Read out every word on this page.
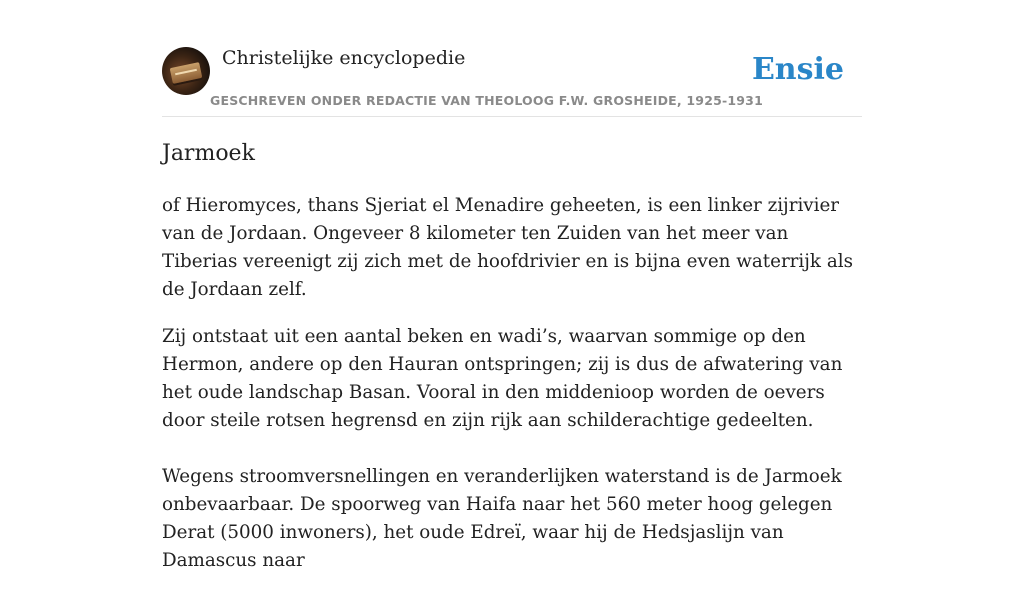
Christelijke encyclopedie
GESCHREVEN ONDER REDACTIE VAN THEOLOOG F.W. GROSHEIDE, 1925-1931
Ensie
Jarmoek

of Hieromyces, thans Sjeriat el Menadire geheeten, is een linker zijrivier van de Jordaan. Ongeveer 8 kilometer ten Zuiden van het meer van Tiberias vereenigt zij zich met de hoofdrivier en is bijna even waterrijk als de Jordaan zelf.

Zij ontstaat uit een aantal beken en wadi’s, waarvan sommige op den Hermon, andere op den Hauran ontspringen; zij is dus de afwatering van het oude landschap Basan. Vooral in den middenioop worden de oevers door steile rotsen hegrensd en zijn rijk aan schilderachtige gedeelten.

Wegens stroomversnellingen en veranderlijken waterstand is de Jarmoek onbevaarbaar. De spoorweg van Haifa naar het 560 meter hoog gelegen Derat (5000 inwoners), het oude Edreï, waar hij de Hedsjaslijn van Damascus naar
